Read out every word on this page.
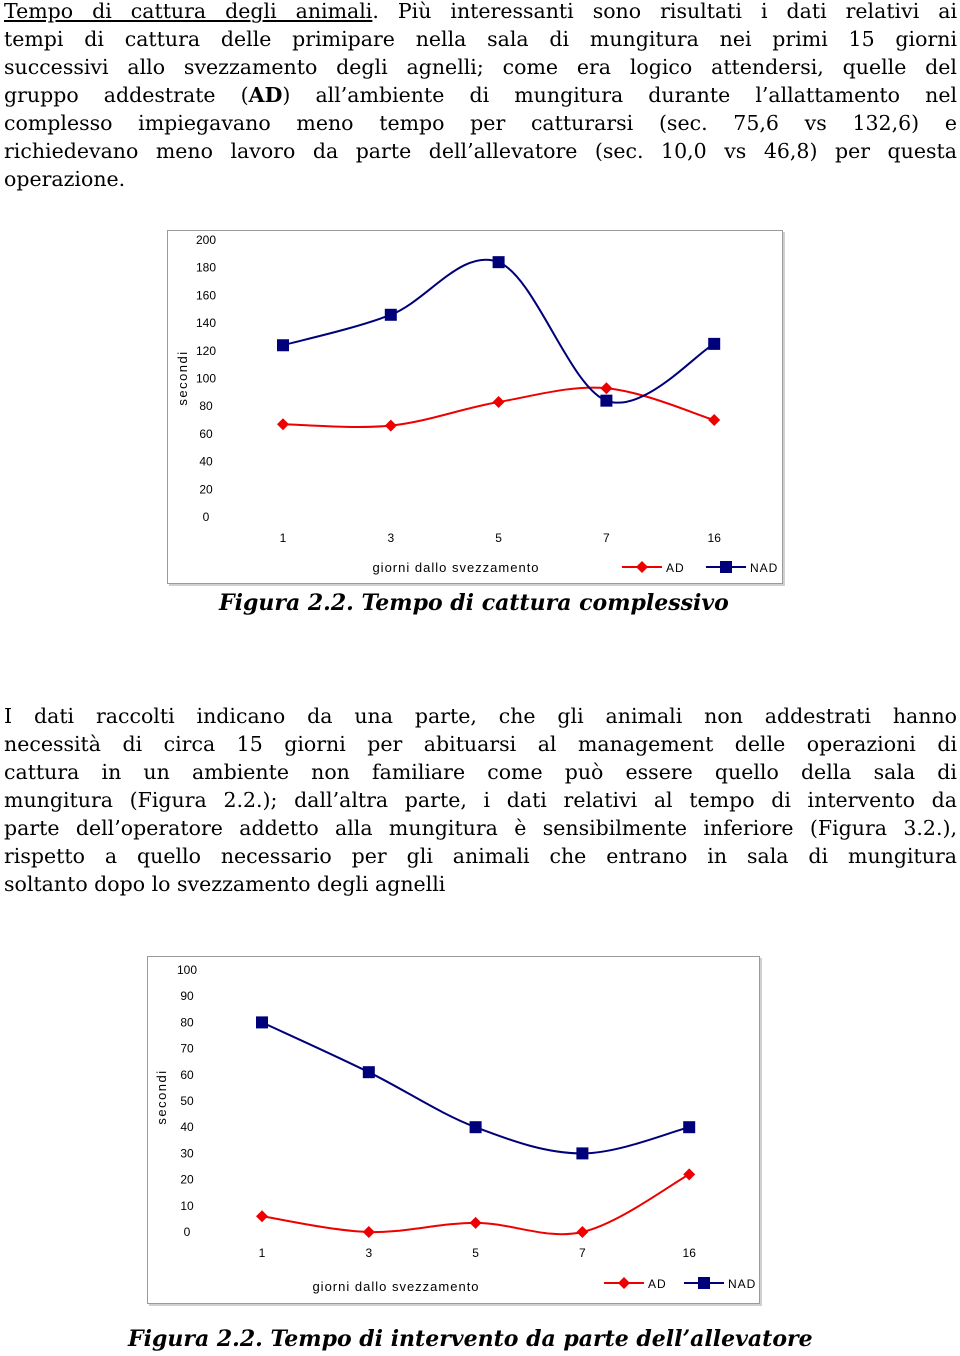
Tempo di cattura degli animali. Più interessanti sono risultati i dati relativi ai
tempi di cattura delle primipare nella sala di mungitura nei primi 15 giorni
successivi allo svezzamento degli agnelli; come era logico attendersi, quelle del
gruppo addestrate (AD) all’ambiente di mungitura durante l’allattamento nel
complesso impiegavano meno tempo per catturarsi (sec. 75,6 vs 132,6) e
richiedevano meno lavoro da parte dell’allevatore (sec. 10,0 vs 46,8) per questa
operazione.
0
20
40
60
80
100
120
140
160
180
200
1	3	5	7	16
secondi
giorni dallo svezzamento	AD	NAD
Figura 2.2. Tempo di cattura complessivo
I dati raccolti indicano da una parte, che gli animali non addestrati hanno
necessità di circa 15 giorni per abituarsi al management delle operazioni di
cattura in un ambiente non familiare come può essere quello della sala di
mungitura (Figura 2.2.); dall’altra parte, i dati relativi al tempo di intervento da
parte dell’operatore addetto alla mungitura è sensibilmente inferiore (Figura 3.2.),
rispetto a quello necessario per gli animali che entrano in sala di mungitura
soltanto dopo lo svezzamento degli agnelli
0
10
20
30
40
50
60
70
80
90
100
1	3	5	7	16
secondi
giorni dallo svezzamento	AD	NAD
Figura 2.2. Tempo di intervento da parte dell’allevatore
